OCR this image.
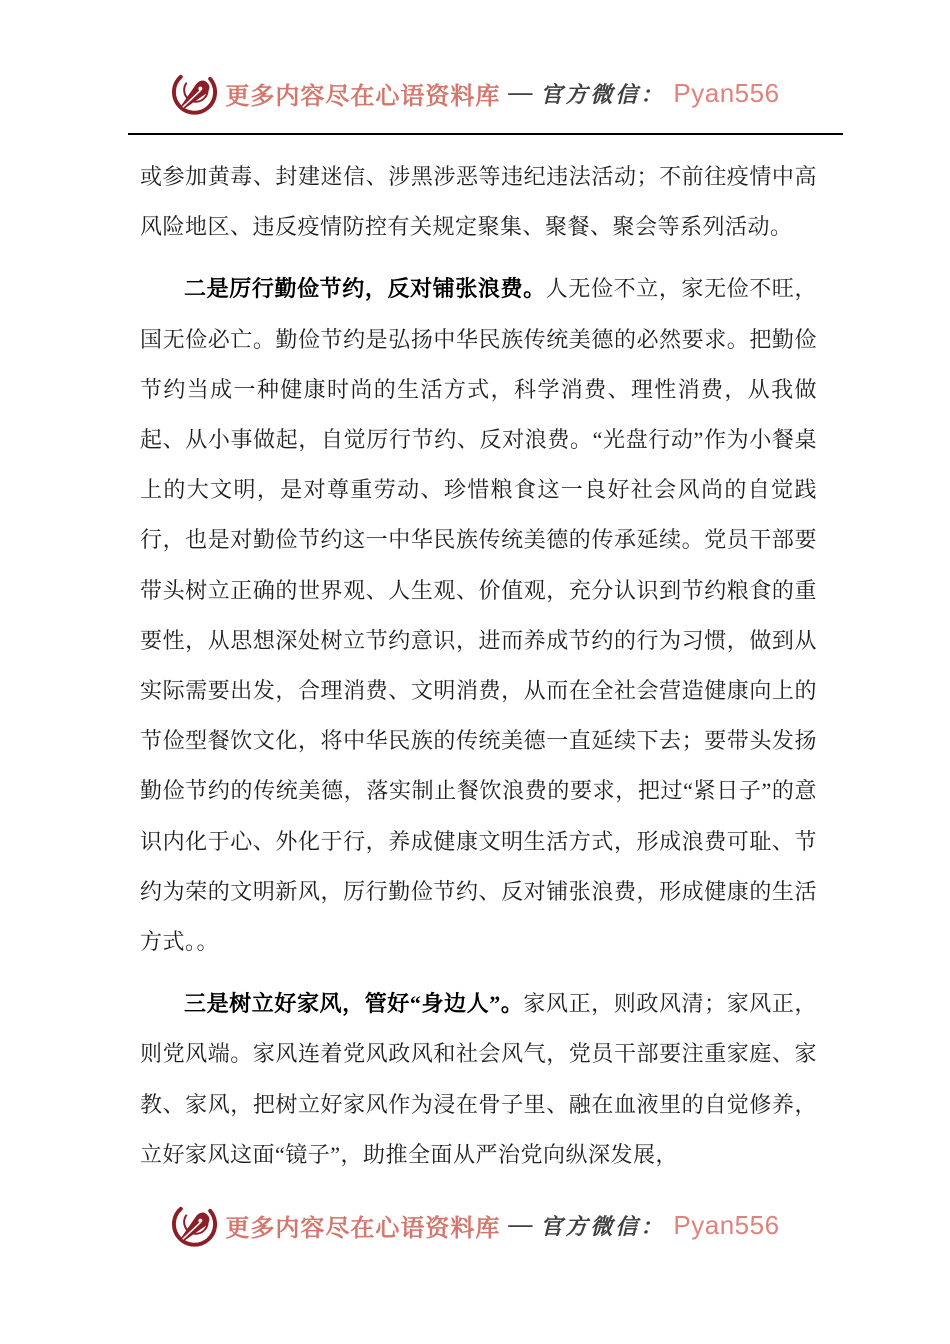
更多内容尽在心语资料库 — 官方微信： Pyan556

或参加黄毒、封建迷信、涉黑涉恶等违纪违法活动；不前往疫情中高风险地区、违反疫情防控有关规定聚集、聚餐、聚会等系列活动。

二是厉行勤俭节约，反对铺张浪费。人无俭不立，家无俭不旺，国无俭必亡。勤俭节约是弘扬中华民族传统美德的必然要求。把勤俭节约当成一种健康时尚的生活方式，科学消费、理性消费，从我做起、从小事做起，自觉厉行节约、反对浪费。“光盘行动”作为小餐桌上的大文明，是对尊重劳动、珍惜粮食这一良好社会风尚的自觉践行，也是对勤俭节约这一中华民族传统美德的传承延续。党员干部要带头树立正确的世界观、人生观、价值观，充分认识到节约粮食的重要性，从思想深处树立节约意识，进而养成节约的行为习惯，做到从实际需要出发，合理消费、文明消费，从而在全社会营造健康向上的节俭型餐饮文化，将中华民族的传统美德一直延续下去；要带头发扬勤俭节约的传统美德，落实制止餐饮浪费的要求，把过“紧日子”的意识内化于心、外化于行，养成健康文明生活方式，形成浪费可耻、节约为荣的文明新风，厉行勤俭节约、反对铺张浪费，形成健康的生活方式。。

三是树立好家风，管好“身边人”。家风正，则政风清；家风正，则党风端。家风连着党风政风和社会风气，党员干部要注重家庭、家教、家风，把树立好家风作为浸在骨子里、融在血液里的自觉修养，立好家风这面“镜子”，助推全面从严治党向纵深发展，

更多内容尽在心语资料库 — 官方微信： Pyan556
